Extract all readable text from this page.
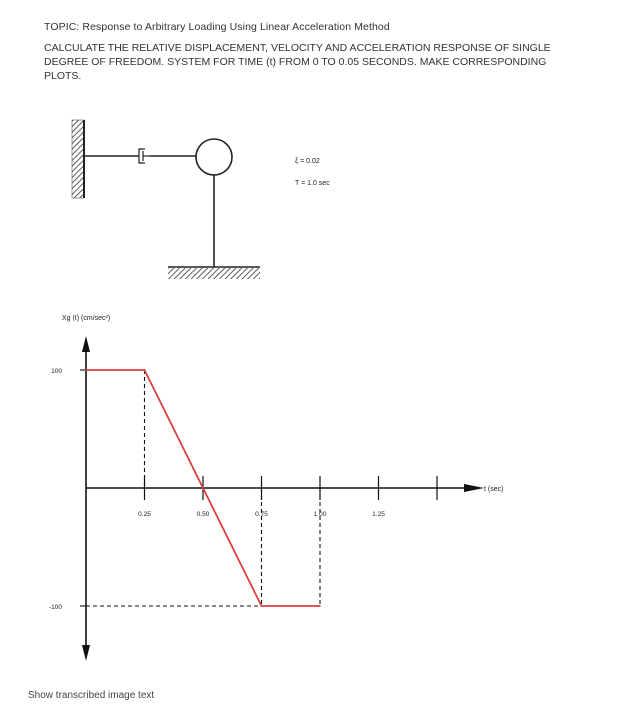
TOPIC: Response to Arbitrary Loading Using Linear Acceleration Method
CALCULATE THE RELATIVE DISPLACEMENT, VELOCITY AND ACCELERATION RESPONSE OF SINGLE DEGREE OF FREEDOM. SYSTEM FOR TIME (t) FROM 0 TO 0.05 SECONDS. MAKE CORRESPONDING PLOTS.
ξ = 0.02
T = 1.0 sec
0.25	0.50	0.75	1.00	1.25
100
-100
Xg (t) (cm/sec²)
t (sec)
Show transcribed image text
